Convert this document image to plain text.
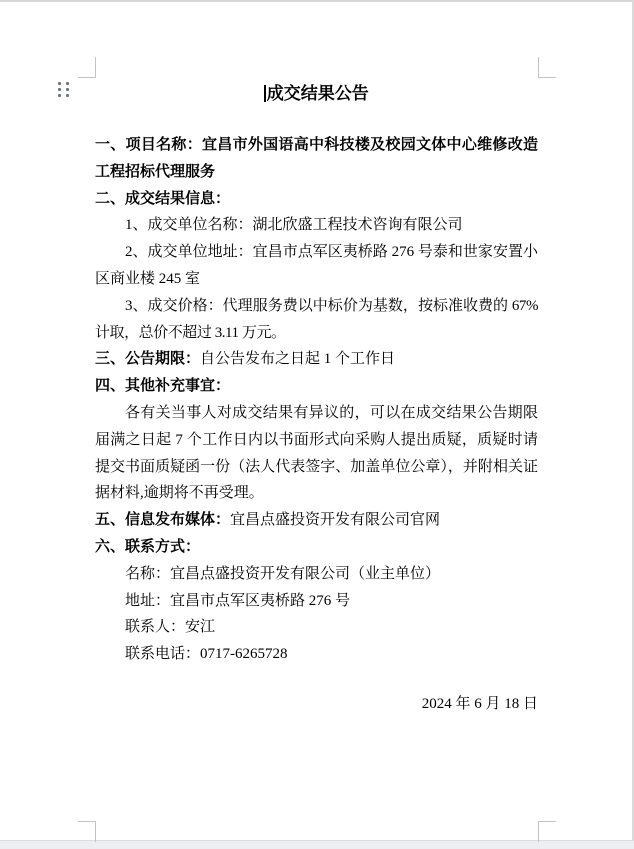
成交结果公告

一、项目名称：宜昌市外国语高中科技楼及校园文体中心维修改造工程招标代理服务

二、成交结果信息：

1、成交单位名称：湖北欣盛工程技术咨询有限公司

2、成交单位地址：宜昌市点军区夷桥路 276 号泰和世家安置小区商业楼 245 室

3、成交价格：代理服务费以中标价为基数，按标准收费的 67%计取，总价不超过 3.11 万元。

三、公告期限：自公告发布之日起 1 个工作日

四、其他补充事宜：

各有关当事人对成交结果有异议的，可以在成交结果公告期限届满之日起 7 个工作日内以书面形式向采购人提出质疑，质疑时请提交书面质疑函一份（法人代表签字、加盖单位公章），并附相关证据材料,逾期将不再受理。

五、信息发布媒体：宜昌点盛投资开发有限公司官网

六、联系方式：

名称：宜昌点盛投资开发有限公司（业主单位）

地址：宜昌市点军区夷桥路 276 号

联系人：安江

联系电话：0717-6265728

2024 年 6 月 18 日
